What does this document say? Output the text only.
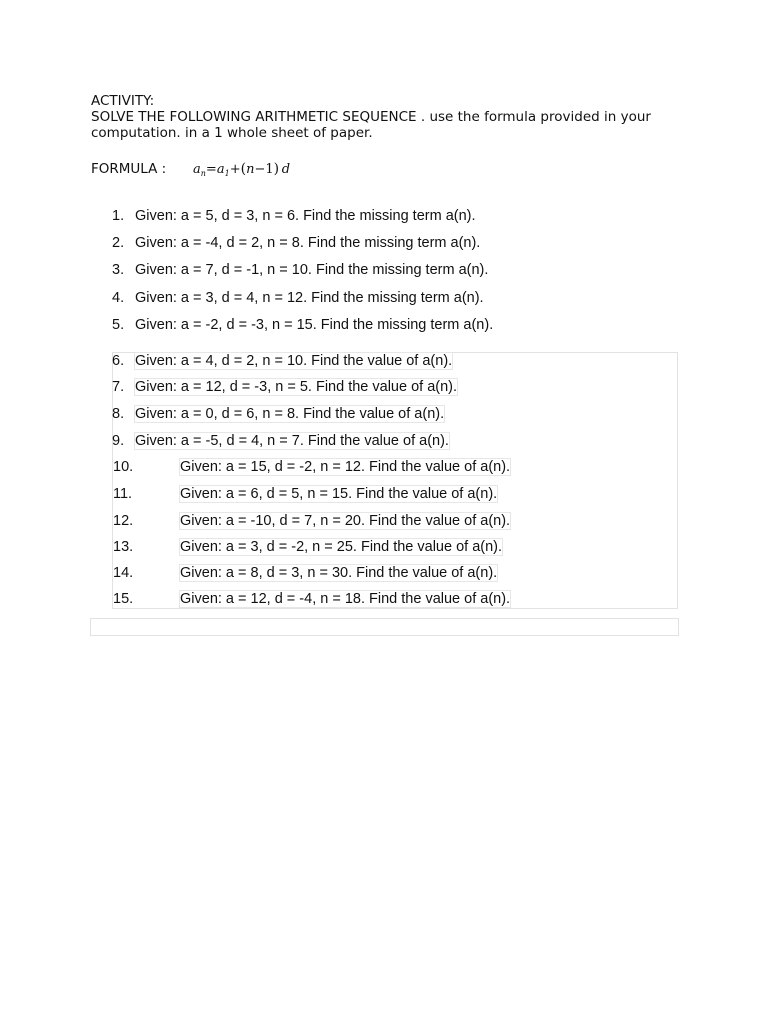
ACTIVITY:
SOLVE THE FOLLOWING ARITHMETIC SEQUENCE . use the formula provided in your
computation. in a 1 whole sheet of paper.
FORMULA : $a_n=a_1+(n-1)$  d
1. Given: a = 5, d = 3, n = 6. Find the missing term a(n).
2. Given: a = -4, d = 2, n = 8. Find the missing term a(n).
3. Given: a = 7, d = -1, n = 10. Find the missing term a(n).
4. Given: a = 3, d = 4, n = 12. Find the missing term a(n).
5. Given: a = -2, d = -3, n = 15. Find the missing term a(n).
6. Given: a = 4, d = 2, n = 10. Find the value of a(n).
7. Given: a = 12, d = -3, n = 5. Find the value of a(n).
8. Given: a = 0, d = 6, n = 8. Find the value of a(n).
9. Given: a = -5, d = 4, n = 7. Find the value of a(n).
10.	Given: a = 15, d = -2, n = 12. Find the value of a(n).
11.	Given: a = 6, d = 5, n = 15. Find the value of a(n).
12.	Given: a = -10, d = 7, n = 20. Find the value of a(n).
13.	Given: a = 3, d = -2, n = 25. Find the value of a(n).
14.	Given: a = 8, d = 3, n = 30. Find the value of a(n).
15.	Given: a = 12, d = -4, n = 18. Find the value of a(n).
